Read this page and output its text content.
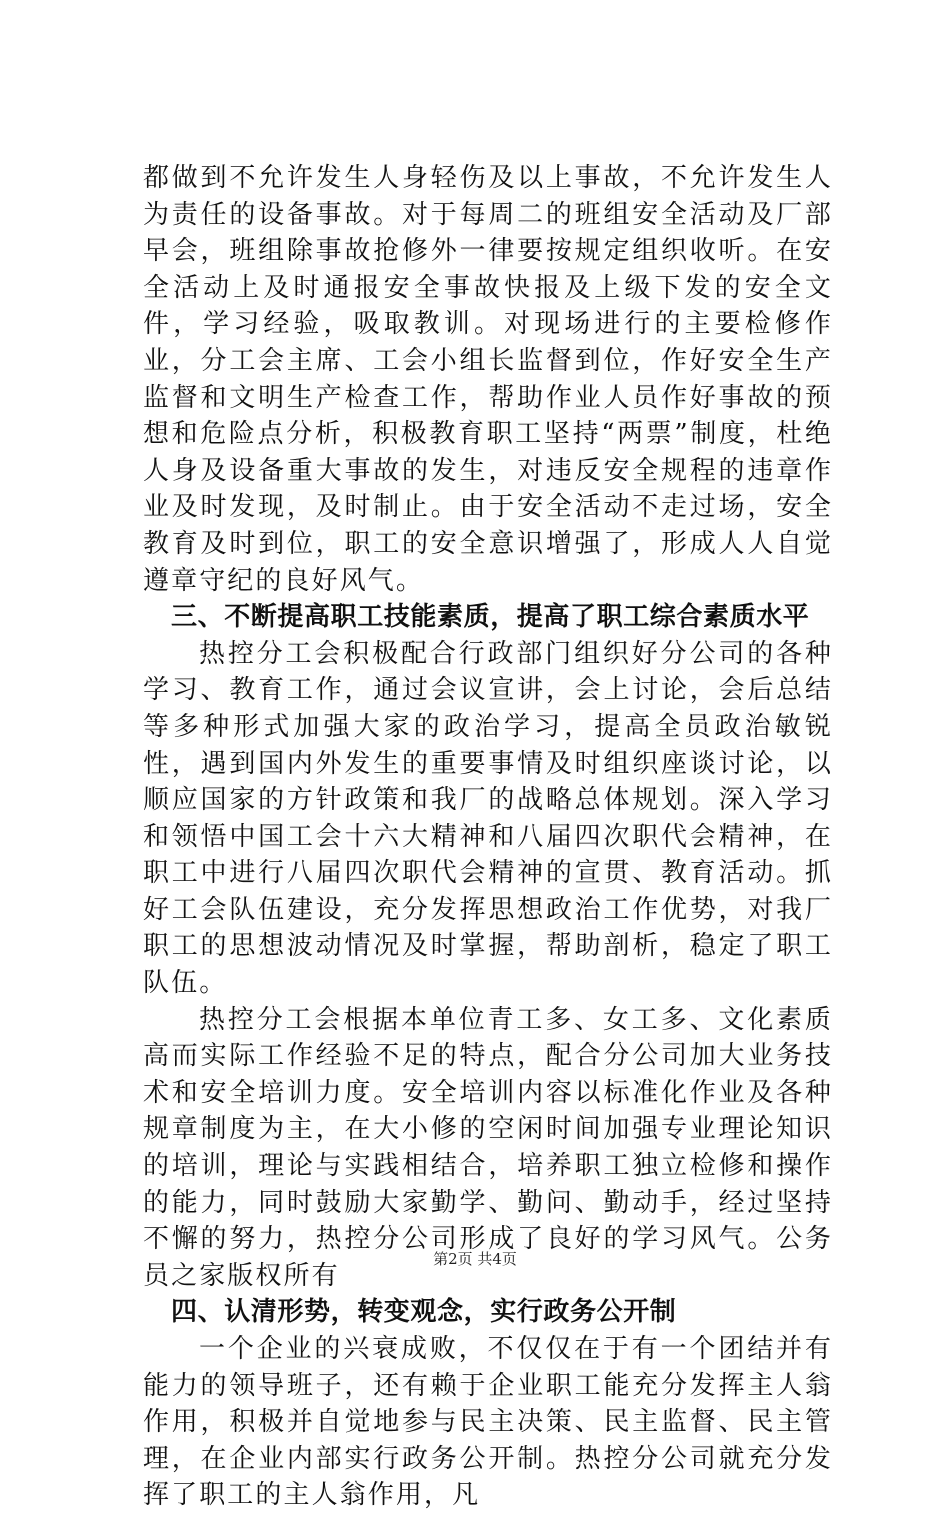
都做到不允许发生人身轻伤及以上事故，不允许发生人为责任的设备事故。对于每周二的班组安全活动及厂部早会，班组除事故抢修外一律要按规定组织收听。在安全活动上及时通报安全事故快报及上级下发的安全文件，学习经验，吸取教训。对现场进行的主要检修作业，分工会主席、工会小组长监督到位，作好安全生产监督和文明生产检查工作，帮助作业人员作好事故的预想和危险点分析，积极教育职工坚持“两票”制度，杜绝人身及设备重大事故的发生，对违反安全规程的违章作业及时发现，及时制止。由于安全活动不走过场，安全教育及时到位，职工的安全意识增强了，形成人人自觉遵章守纪的良好风气。

三、不断提高职工技能素质，提高了职工综合素质水平

热控分工会积极配合行政部门组织好分公司的各种学习、教育工作，通过会议宣讲，会上讨论，会后总结等多种形式加强大家的政治学习，提高全员政治敏锐性，遇到国内外发生的重要事情及时组织座谈讨论，以顺应国家的方针政策和我厂的战略总体规划。深入学习和领悟中国工会十六大精神和八届四次职代会精神，在职工中进行八届四次职代会精神的宣贯、教育活动。抓好工会队伍建设，充分发挥思想政治工作优势，对我厂职工的思想波动情况及时掌握，帮助剖析，稳定了职工队伍。

热控分工会根据本单位青工多、女工多、文化素质高而实际工作经验不足的特点，配合分公司加大业务技术和安全培训力度。安全培训内容以标准化作业及各种规章制度为主，在大小修的空闲时间加强专业理论知识的培训，理论与实践相结合，培养职工独立检修和操作的能力，同时鼓励大家勤学、勤问、勤动手，经过坚持不懈的努力，热控分公司形成了良好的学习风气。公务员之家版权所有

四、认清形势，转变观念，实行政务公开制

一个企业的兴衰成败，不仅仅在于有一个团结并有能力的领导班子，还有赖于企业职工能充分发挥主人翁作用，积极并自觉地参与民主决策、民主监督、民主管理，在企业内部实行政务公开制。热控分公司就充分发挥了职工的主人翁作用，凡

第2页 共4页
